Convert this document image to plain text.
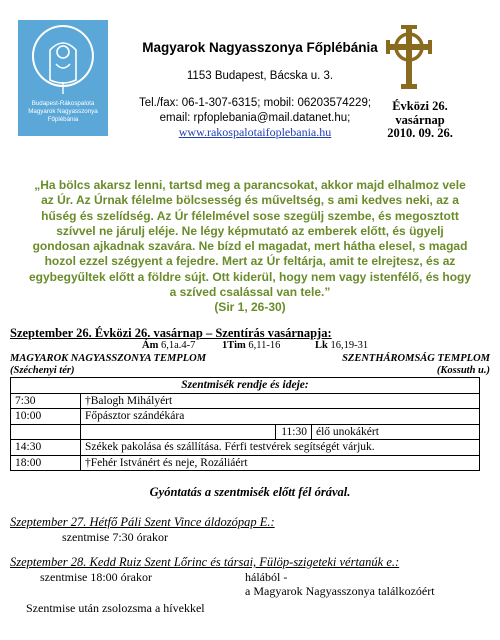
Budapest-Rákospalota
Magyarok Nagyasszonya
Főplébánia
Magyarok Nagyasszonya Főplébánia
1153 Budapest, Bácska u. 3.
Tel./fax: 06-1-307-6315; mobil: 06203574229;
email: rpfoplebania@mail.datanet.hu;
www.rakospalotaifoplebania.hu
Évközi 26.
vasárnap
2010. 09. 26.
„Ha bölcs akarsz lenni, tartsd meg a parancsokat, akkor majd elhalmoz vele az Úr. Az Úrnak félelme bölcsesség és műveltség, s ami kedves neki, az a hűség és szelídség. Az Úr félelmével sose szegülj szembe, és megosztott szívvel ne járulj eléje. Ne légy képmutató az emberek előtt, és ügyelj gondosan ajkadnak szavára. Ne bízd el magadat, mert hátha elesel, s magad hozol ezzel szégyent a fejedre. Mert az Úr feltárja, amit te elrejtesz, és az egybegyűltek előtt a földre sújt. Ott kiderül, hogy nem vagy istenfélő, és hogy a szíved csalással van tele.”
(Sir 1, 26-30)
Szeptember 26. Évközi 26. vasárnap – Szentírás vasárnapja:
Ám 6,1a.4-7	1Tim 6,11-16	Lk 16,19-31
MAGYAROK NAGYASSZONYA TEMPLOM	SZENTHÁROMSÁG TEMPLOM
(Széchenyi tér)	(Kossuth u.)
Szentmisék rendje és ideje:			
7:30	†Balogh Mihályért		
10:00	Főpásztor szándékára		
		11:30	élő unokákért
14:30	Székek pakolása és szállítása. Férfi testvérek segítségét várjuk.		
18:00	†Fehér Istvánért és neje, Rozáliáért		
Gyóntatás a szentmisék előtt fél órával.
Szeptember 27. Hétfő Páli Szent Vince áldozópap E.:
szentmise 7:30 órakor
Szeptember 28. Kedd Ruiz Szent Lőrinc és társai, Fülöp-szigeteki vértanúk e.:
szentmise 18:00 órakor	hálából -
a Magyarok Nagyasszonya találkozóért
Szentmise után zsolozsma a hívekkel
